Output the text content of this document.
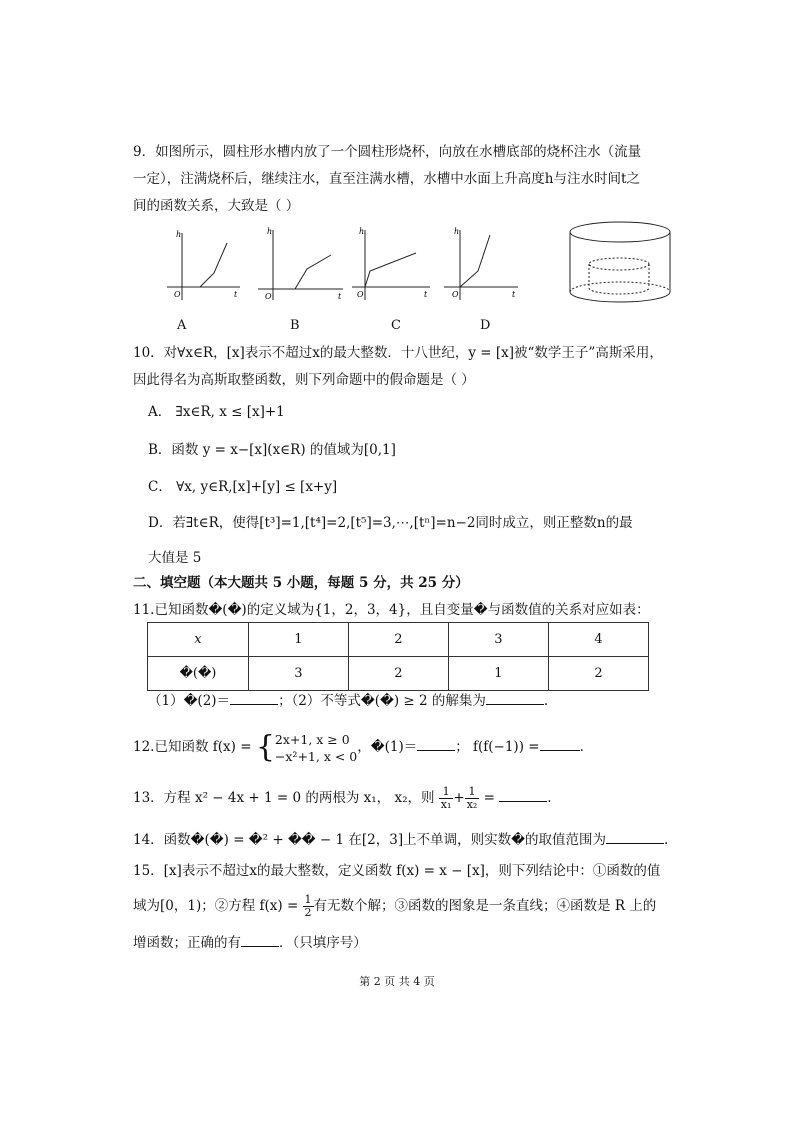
9．如图所示，圆柱形水槽内放了一个圆柱形烧杯，向放在水槽底部的烧杯注水（流量
一定），注满烧杯后，继续注水，直至注满水槽，水槽中水面上升高度h与注水时间t之
间的函数关系，大致是（ ）
h
t
O
h
t
O
h
t
O
h
t
O
A	B	C	D
10．对∀x∈R，[x]表示不超过x的最大整数．十八世纪，y = [x]被“数学王子”高斯采用，
因此得名为高斯取整函数，则下列命题中的假命题是（ ）
A． ∃x∈R, x ≤ [x]+1
B．函数 y = x−[x](x∈R) 的值域为[0,1]
C． ∀x, y∈R,[x]+[y] ≤ [x+y]
D．若∃t∈R，使得[t³]=1,[t⁴]=2,[t⁵]=3,⋯,[tⁿ]=n−2同时成立，则正整数n的最
大值是 5
二、填空题（本大题共 5 小题，每题 5 分，共 25 分）
11.已知函数�(�)的定义域为{1，2，3，4}，且自变量�与函数值的关系对应如表：
x	1	2	3	4
�(�)	3	2	1	2
（1）�(2)＝	；（2）不等式�(�) ≥ 2 的解集为	.
12.已知函数 f(x) = { 2x+1, x ≥ 0
−x²+1, x < 0
，�(1)＝	； f(f(−1)) =	.
13．方程 x² − 4x + 1 = 0 的两根为 x₁， x₂，则 $\frac{1}{\text{x₁}} + \frac{1}{\text{x₂}}$ =	.
14．函数�(�) = �² + �� − 1 在[2，3]上不单调，则实数�的取值范围为	.
15．[x]表示不超过x的最大整数，定义函数 f(x) = x − [x]，则下列结论中：①函数的值
域为[0，1)；②方程 $f(x) = \frac{1}{2}$ 有无数个解；③函数的图象是一条直线；④函数是 R 上的
增函数；正确的有	．（只填序号）
第 2 页 共 4 页
